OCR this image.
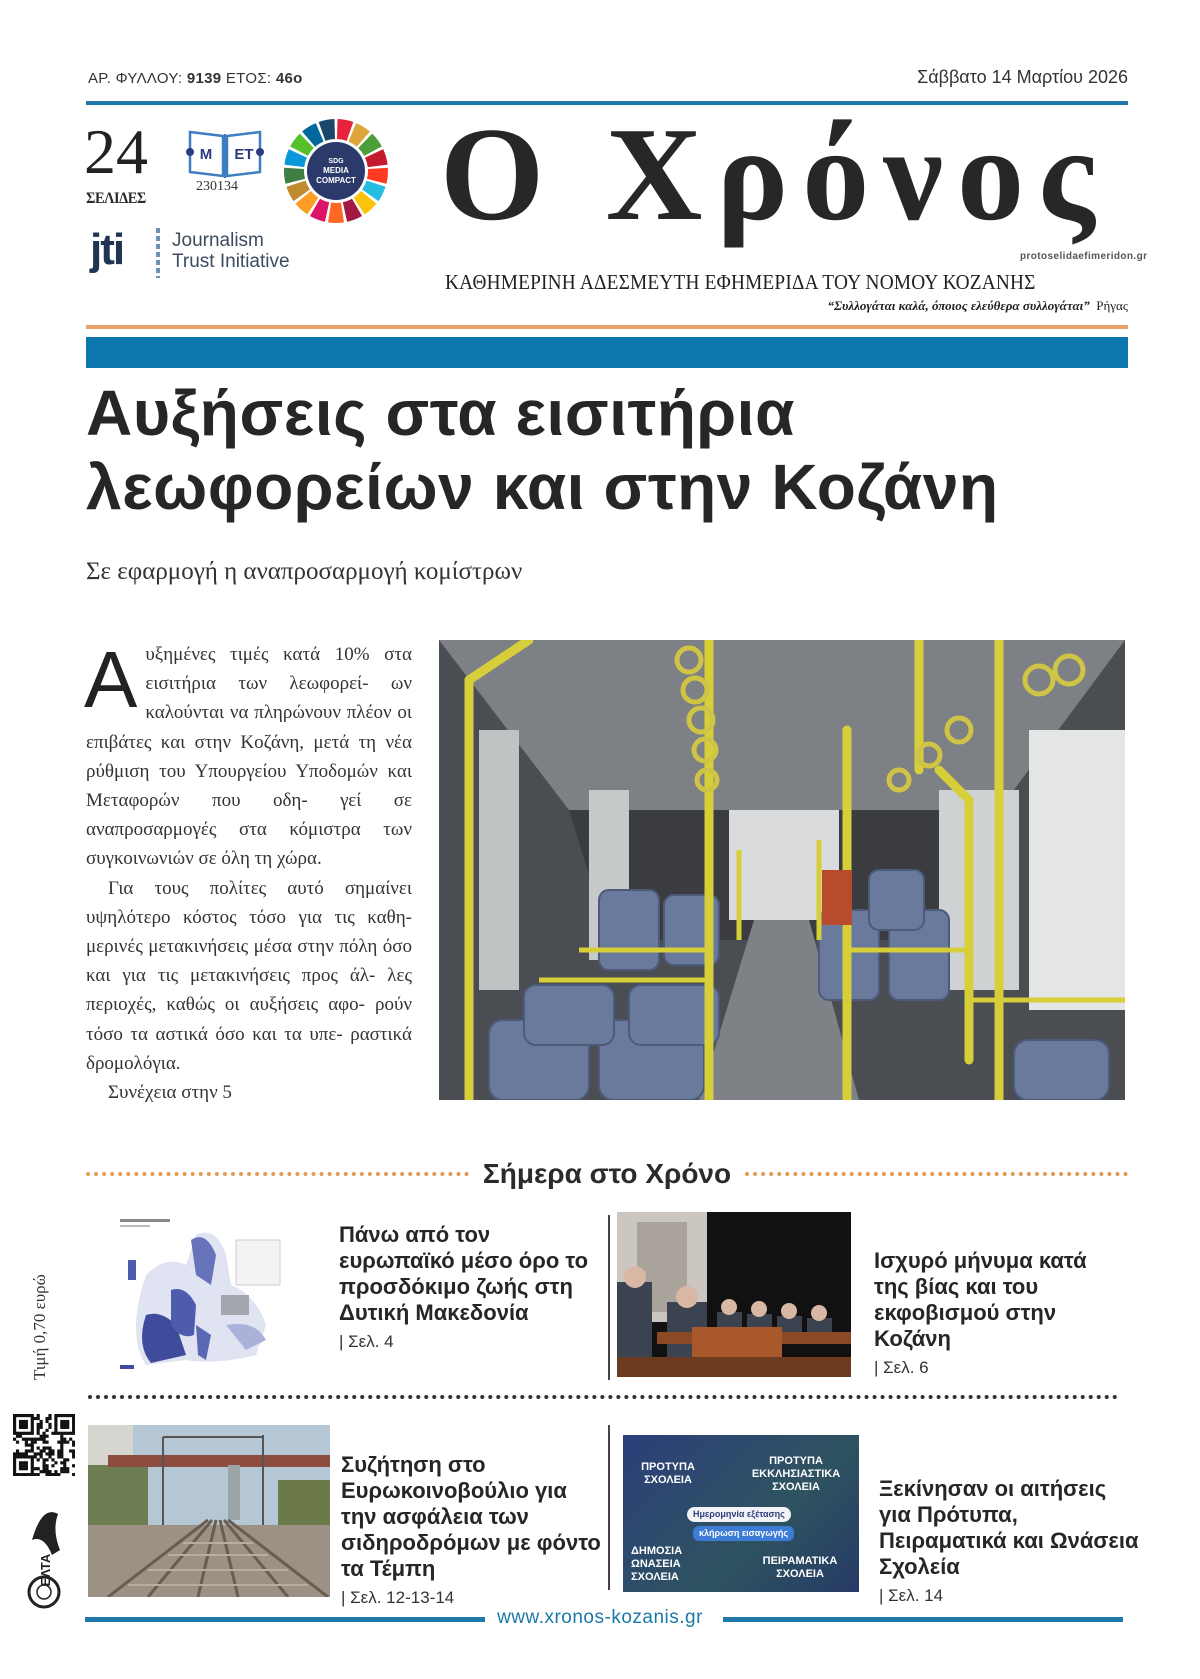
ΑΡ. ΦΥΛΛΟΥ: 9139 ΕΤΟΣ: 46ο	Σάββατο 14 Μαρτίου 2026
24
ΣΕΛΙΔΕΣ
M ET
230134
SDG
MEDIA
COMPACT
jti	Journalism
Trust Initiative
Ο Χρόνος
protoselidaefimeridon.gr
ΚΑΘΗΜΕΡΙΝΗ ΑΔΕΣΜΕΥΤΗ ΕΦΗΜΕΡΙΔΑ ΤΟΥ ΝΟΜΟΥ ΚΟΖΑΝΗΣ
“Συλλογάται καλά, όποιος ελεύθερα συλλογάται” Ρήγας
Αυξήσεις στα εισιτήρια
λεωφορείων και στην Κοζάνη
Σε εφαρμογή η αναπροσαρμογή κομίστρων

Αυξημένες τιμές κατά 10% στα εισιτήρια των λεωφορεί- ων καλούνται να πληρώνουν πλέον οι επιβάτες και στην Κοζάνη, μετά τη νέα ρύθμιση του Υπουργείου Υποδομών και Μεταφορών που οδη- γεί σε αναπροσαρμογές στα κόμιστρα των συγκοινωνιών σε όλη τη χώρα.

Για τους πολίτες αυτό σημαίνει υψηλότερο κόστος τόσο για τις καθη- μερινές μετακινήσεις μέσα στην πόλη όσο και για τις μετακινήσεις προς άλ- λες περιοχές, καθώς οι αυξήσεις αφο- ρούν τόσο τα αστικά όσο και τα υπε- ραστικά δρομολόγια.

Συνέχεια στην 5

Σήμερα στο Χρόνο
Πάνω από τον ευρωπαϊκό μέσο όρο το προσδόκιμο ζωής στη Δυτική Μακεδονία
| Σελ. 4
Ισχυρό μήνυμα κατά της βίας και του εκφοβισμού στην Κοζάνη
| Σελ. 6
Συζήτηση στο Ευρωκοινοβούλιο για την ασφάλεια των σιδηροδρόμων με φόντο τα Τέμπη
| Σελ. 12-13-14
ΠΡΟΤΥΠΑ ΣΧΟΛΕΙΑ
ΠΡΟΤΥΠΑ ΕΚΚΛΗΣΙΑΣΤΙΚΑ ΣΧΟΛΕΙΑ
Ημερομηνία εξέτασης
κλήρωση εισαγωγής
ΔΗΜΟΣΙΑ ΩΝΑΣΕΙΑ ΣΧΟΛΕΙΑ
ΠΕΙΡΑΜΑΤΙΚΑ ΣΧΟΛΕΙΑ
Ξεκίνησαν οι αιτήσεις για Πρότυπα, Πειραματικά και Ωνάσεια Σχολεία
| Σελ. 14
Τιμή 0,70 ευρώ
ΕΛΤΑ
www.xronos-kozanis.gr
